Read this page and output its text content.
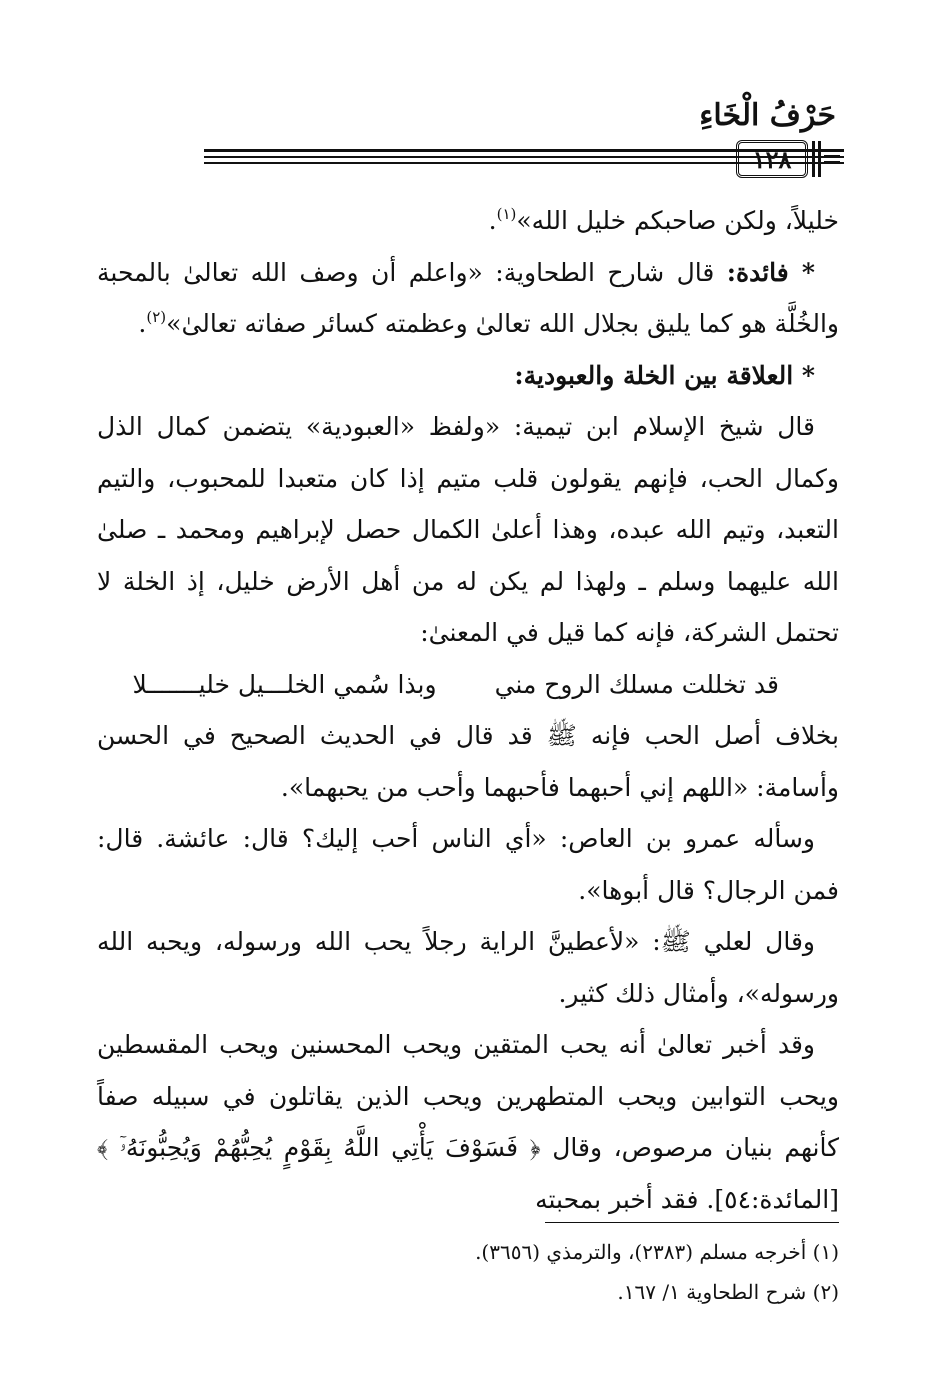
حَرْفُ الْخَاءِ
١٢٨

خليلاً، ولكن صاحبكم خليل الله»$^{(١)}$.

* فائدة: قال شارح الطحاوية: «واعلم أن وصف الله تعالىٰ بالمحبة والخُلَّة هو كما يليق بجلال الله تعالىٰ وعظمته كسائر صفاته تعالىٰ»$^{(٢)}$.

* العلاقة بين الخلة والعبودية:

قال شيخ الإسلام ابن تيمية: «ولفظ «العبودية» يتضمن كمال الذل وكمال الحب، فإنهم يقولون قلب متيم إذا كان متعبدا للمحبوب، والتيم التعبد، وتيم الله عبده، وهذا أعلىٰ الكمال حصل لإبراهيم ومحمد ـ صلىٰ الله عليهما وسلم ـ ولهذا لم يكن له من أهل الأرض خليل، إذ الخلة لا تحتمل الشركة، فإنه كما قيل في المعنىٰ:

قد تخللت مسلك الروح مني
وبذا سُمي الخلـــيل خليـــــــلا

بخلاف أصل الحب فإنه ﷺ قد قال في الحديث الصحيح في الحسن وأسامة: «اللهم إني أحبهما فأحبهما وأحب من يحبهما».

وسأله عمرو بن العاص: «أي الناس أحب إليك؟ قال: عائشة. قال: فمن الرجال؟ قال أبوها».

وقال لعلي ﷺ: «لأعطينَّ الراية رجلاً يحب الله ورسوله، ويحبه الله ورسوله»، وأمثال ذلك كثير.

وقد أخبر تعالىٰ أنه يحب المتقين ويحب المحسنين ويحب المقسطين ويحب التوابين ويحب المتطهرين ويحب الذين يقاتلون في سبيله صفاً كأنهم بنيان مرصوص، وقال ﴿ فَسَوْفَ يَأْتِي اللَّهُ بِقَوْمٍ يُحِبُّهُمْ وَيُحِبُّونَهُۥٓ ﴾ [المائدة:٥٤]. فقد أخبر بمحبته

(١) أخرجه مسلم (٢٣٨٣)، والترمذي (٣٦٥٦).

(٢) شرح الطحاوية ١/ ١٦٧.
